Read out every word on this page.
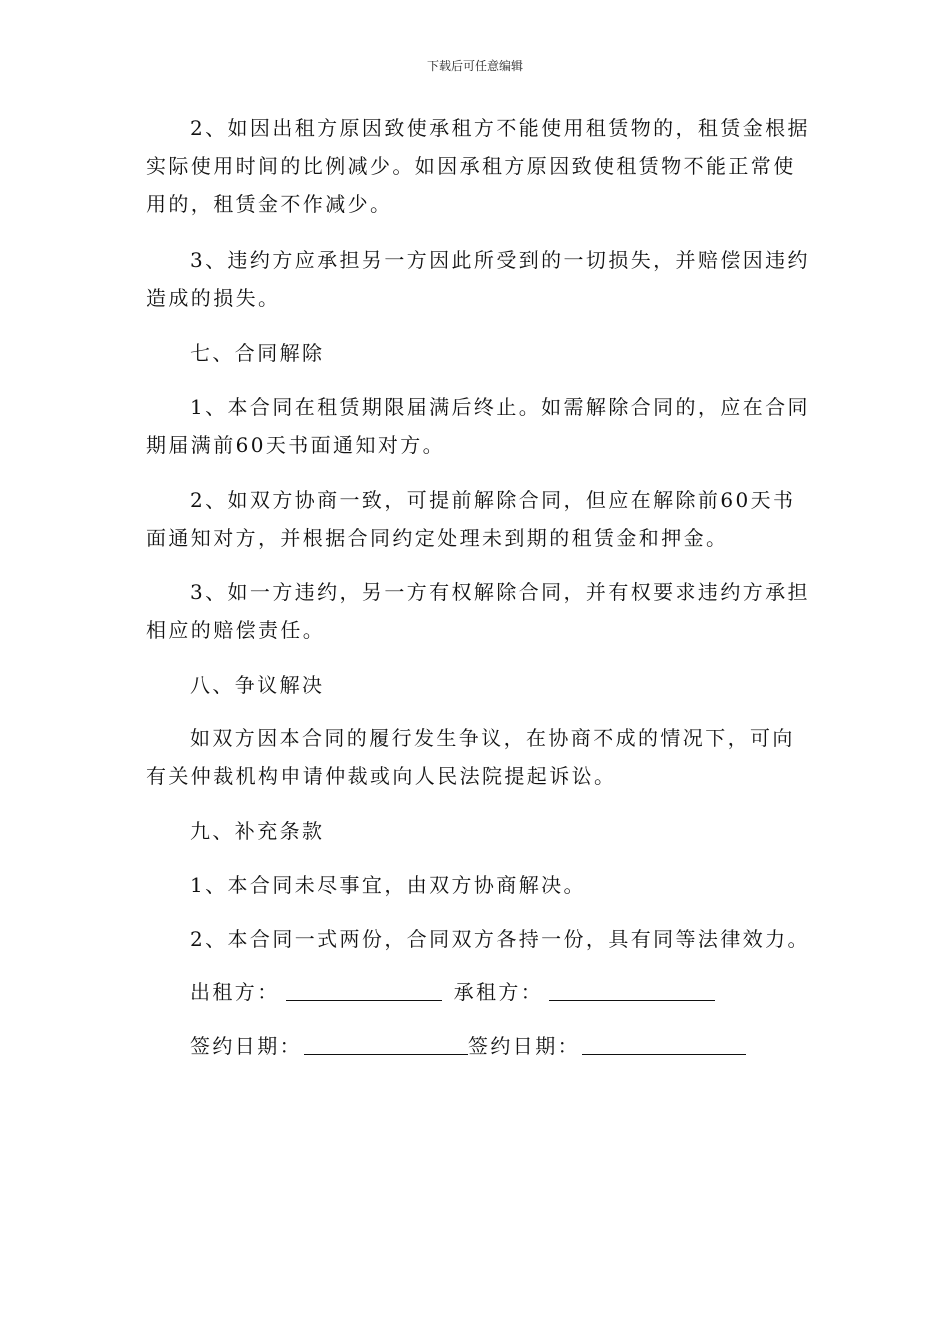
下载后可任意编辑
2、如因出租方原因致使承租方不能使用租赁物的，租赁金根据
实际使用时间的比例减少。如因承租方原因致使租赁物不能正常使
用的，租赁金不作减少。
3、违约方应承担另一方因此所受到的一切损失，并赔偿因违约
造成的损失。
七、合同解除
1、本合同在租赁期限届满后终止。如需解除合同的，应在合同
期届满前60天书面通知对方。
2、如双方协商一致，可提前解除合同，但应在解除前60天书
面通知对方，并根据合同约定处理未到期的租赁金和押金。
3、如一方违约，另一方有权解除合同，并有权要求违约方承担
相应的赔偿责任。
八、争议解决
如双方因本合同的履行发生争议，在协商不成的情况下，可向
有关仲裁机构申请仲裁或向人民法院提起诉讼。
九、补充条款
1、本合同未尽事宜，由双方协商解决。
2、本合同一式两份，合同双方各持一份，具有同等法律效力。
出租方：	承租方：
签约日期：	签约日期：
